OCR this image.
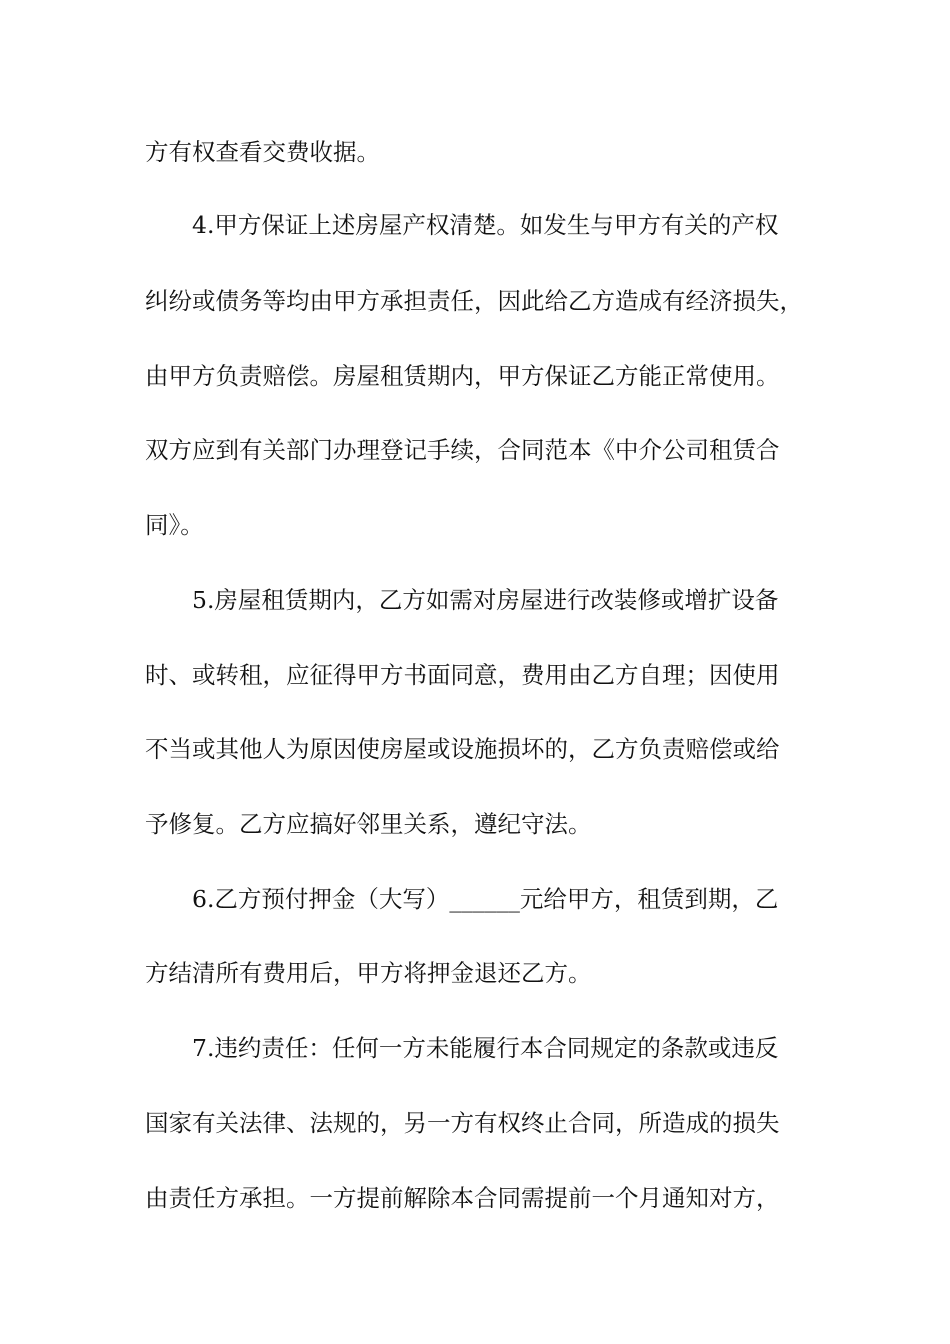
方有权查看交费收据。
4.甲方保证上述房屋产权清楚。如发生与甲方有关的产权
纠纷或债务等均由甲方承担责任，因此给乙方造成有经济损失，
由甲方负责赔偿。房屋租赁期内，甲方保证乙方能正常使用。
双方应到有关部门办理登记手续，合同范本《中介公司租赁合
同》。
5.房屋租赁期内，乙方如需对房屋进行改装修或增扩设备
时、或转租，应征得甲方书面同意，费用由乙方自理；因使用
不当或其他人为原因使房屋或设施损坏的，乙方负责赔偿或给
予修复。乙方应搞好邻里关系，遵纪守法。
6.乙方预付押金（大写）______元给甲方，租赁到期，乙
方结清所有费用后，甲方将押金退还乙方。
7.违约责任：任何一方未能履行本合同规定的条款或违反
国家有关法律、法规的，另一方有权终止合同，所造成的损失
由责任方承担。一方提前解除本合同需提前一个月通知对方，
